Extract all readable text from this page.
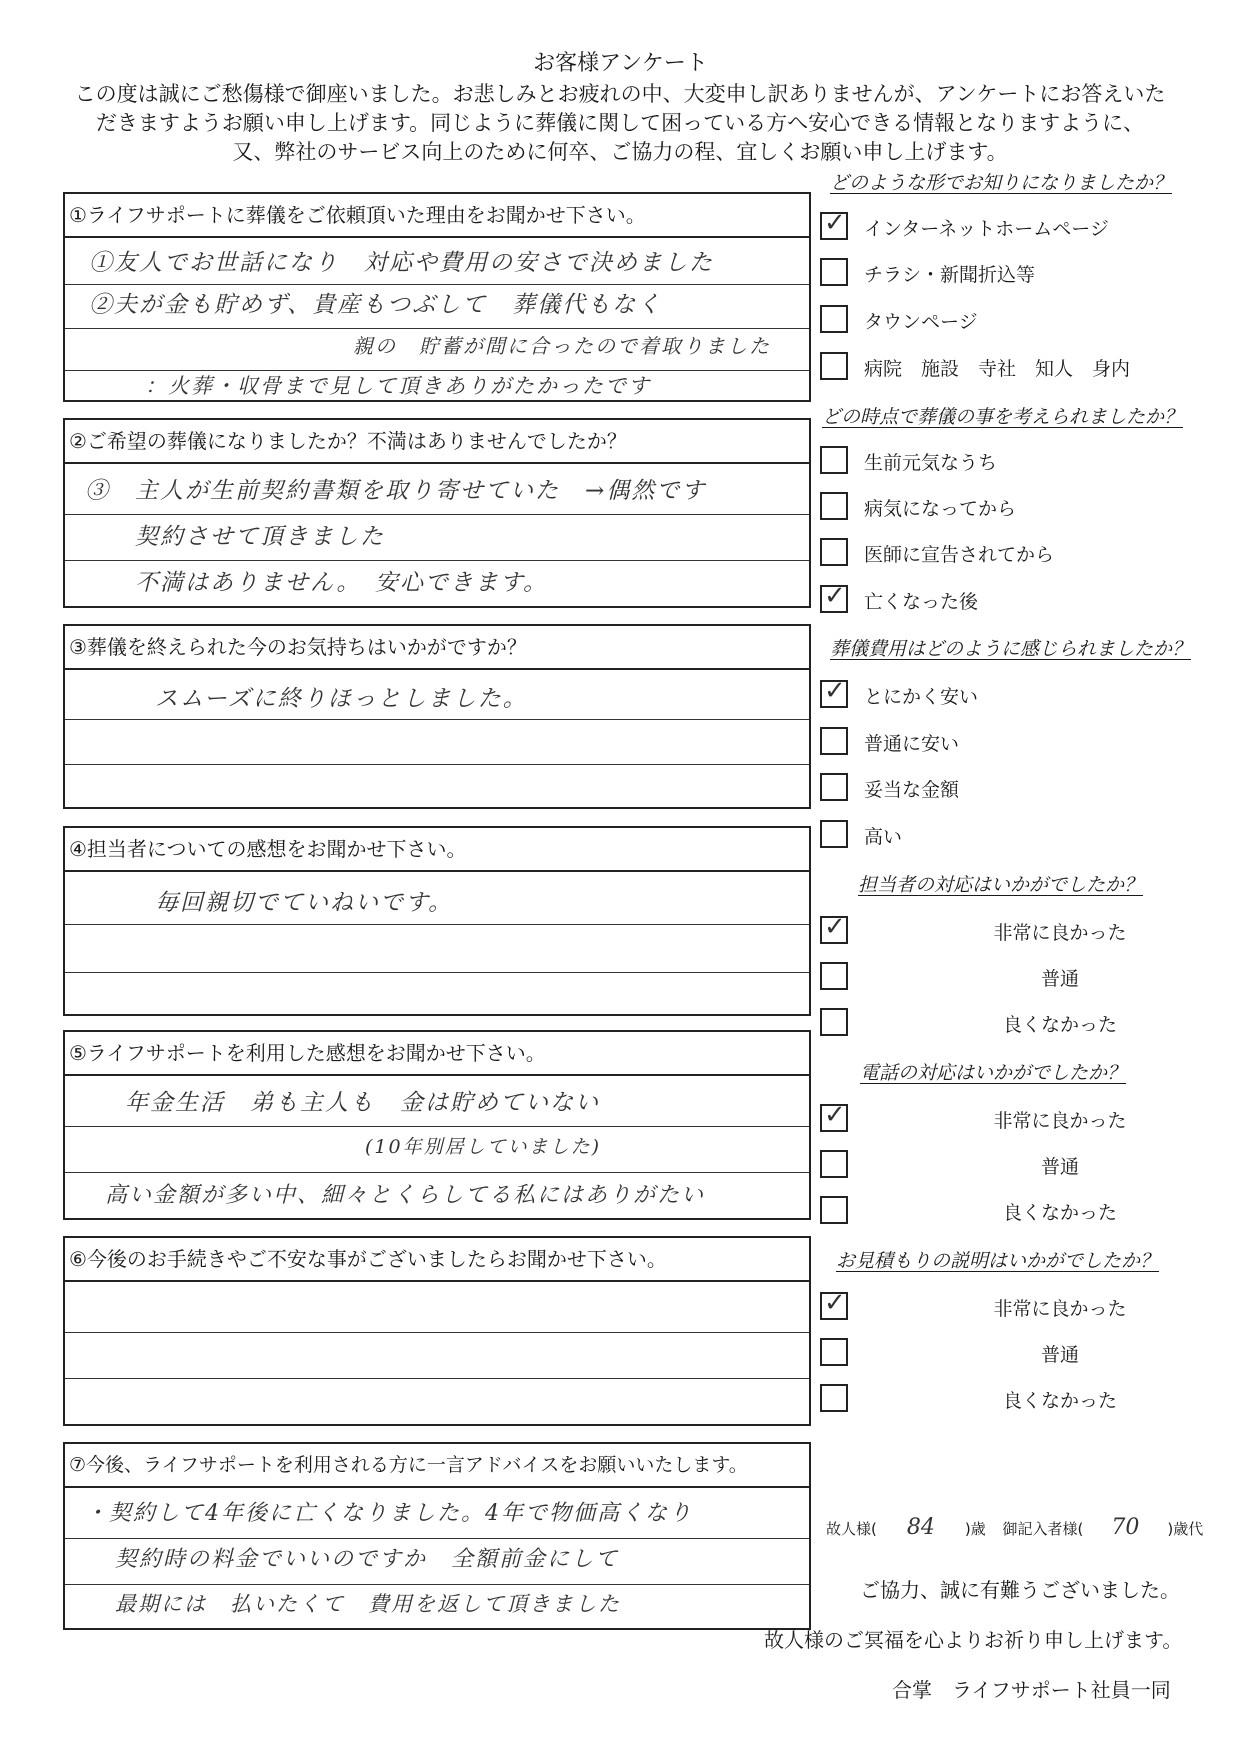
お客様アンケート
この度は誠にご愁傷様で御座いました。お悲しみとお疲れの中、大変申し訳ありませんが、アンケートにお答えいた
だきますようお願い申し上げます。同じように葬儀に関して困っている方へ安心できる情報となりますように、
又、弊社のサービス向上のために何卒、ご協力の程、宜しくお願い申し上げます。
①ライフサポートに葬儀をご依頼頂いた理由をお聞かせ下さい。
①友人でお世話になり　対応や費用の安さで決めました
②夫が金も貯めず、貴産もつぶして　葬儀代もなく
　　　　　　　　　　　　親の　貯蓄が間に合ったので着取りました
：火葬・収骨まで見して頂きありがたかったです
②ご希望の葬儀になりましたか？不満はありませんでしたか？
③　主人が生前契約書類を取り寄せていた　→偶然です
契約させて頂きました
不満はありません。　安心できます。
③葬儀を終えられた今のお気持ちはいかがですか？
スムーズに終りほっとしました。
④担当者についての感想をお聞かせ下さい。
毎回親切でていねいです。
⑤ライフサポートを利用した感想をお聞かせ下さい。
年金生活　弟も主人も　金は貯めていない
(10年別居していました)
高い金額が多い中、細々とくらしてる私にはありがたい
⑥今後のお手続きやご不安な事がございましたらお聞かせ下さい。
⑦今後、ライフサポートを利用される方に一言アドバイスをお願いいたします。
・契約して4年後に亡くなりました。4年で物価高くなり
契約時の料金でいいのですか　全額前金にして
最期には　払いたくて　費用を返して頂きました
どのような形でお知りになりましたか？
✓ インターネットホームページ
チラシ・新聞折込等
タウンページ
病院　施設　寺社　知人　身内
どの時点で葬儀の事を考えられましたか？
生前元気なうち
病気になってから
医師に宣告されてから
✓ 亡くなった後
葬儀費用はどのように感じられましたか？
✓ とにかく安い
普通に安い
妥当な金額
高い
担当者の対応はいかがでしたか？
✓	非常に良かった
普通
良くなかった
電話の対応はいかがでしたか？
✓	非常に良かった
普通
良くなかった
お見積もりの説明はいかがでしたか？
✓	非常に良かった
普通
良くなかった
故人様( 84 )歳 御記入者様( 70 )歳代
ご協力、誠に有難うございました。
故人様のご冥福を心よりお祈り申し上げます。
合掌　ライフサポート社員一同
